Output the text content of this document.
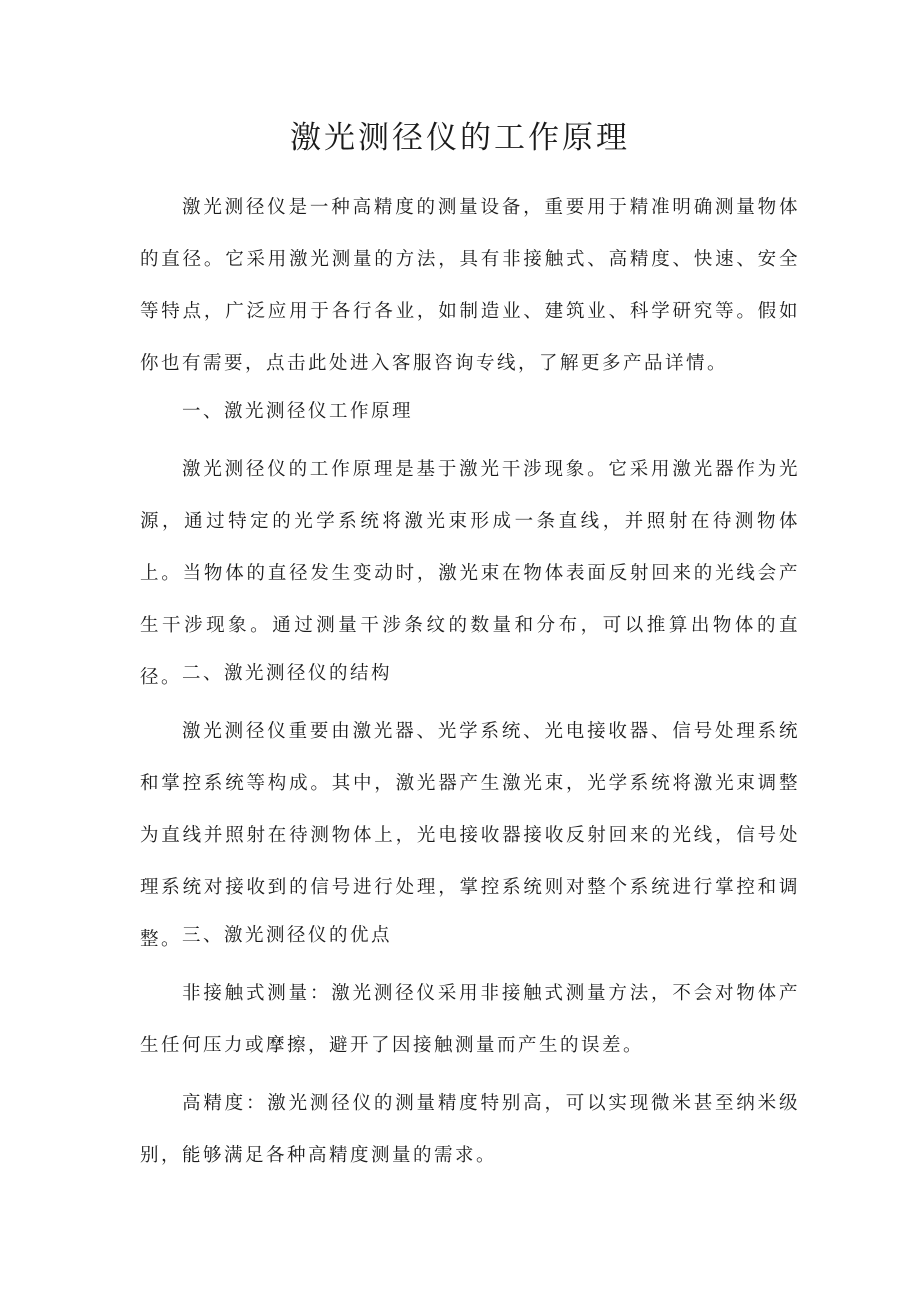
激光测径仪的工作原理

激光测径仪是一种高精度的测量设备，重要用于精准明确测量物体的直径。它采用激光测量的方法，具有非接触式、高精度、快速、安全等特点，广泛应用于各行各业，如制造业、建筑业、科学研究等。假如你也有需要，点击此处进入客服咨询专线，了解更多产品详情。

一、激光测径仪工作原理

激光测径仪的工作原理是基于激光干涉现象。它采用激光器作为光源，通过特定的光学系统将激光束形成一条直线，并照射在待测物体上。当物体的直径发生变动时，激光束在物体表面反射回来的光线会产生干涉现象。通过测量干涉条纹的数量和分布，可以推算出物体的直径。 二、激光测径仪的结构

激光测径仪重要由激光器、光学系统、光电接收器、信号处理系统和掌控系统等构成。其中，激光器产生激光束，光学系统将激光束调整为直线并照射在待测物体上，光电接收器接收反射回来的光线，信号处理系统对接收到的信号进行处理，掌控系统则对整个系统进行掌控和调整。 三、激光测径仪的优点

非接触式测量：激光测径仪采用非接触式测量方法，不会对物体产生任何压力或摩擦，避开了因接触测量而产生的误差。

高精度：激光测径仪的测量精度特别高，可以实现微米甚至纳米级别，能够满足各种高精度测量的需求。
